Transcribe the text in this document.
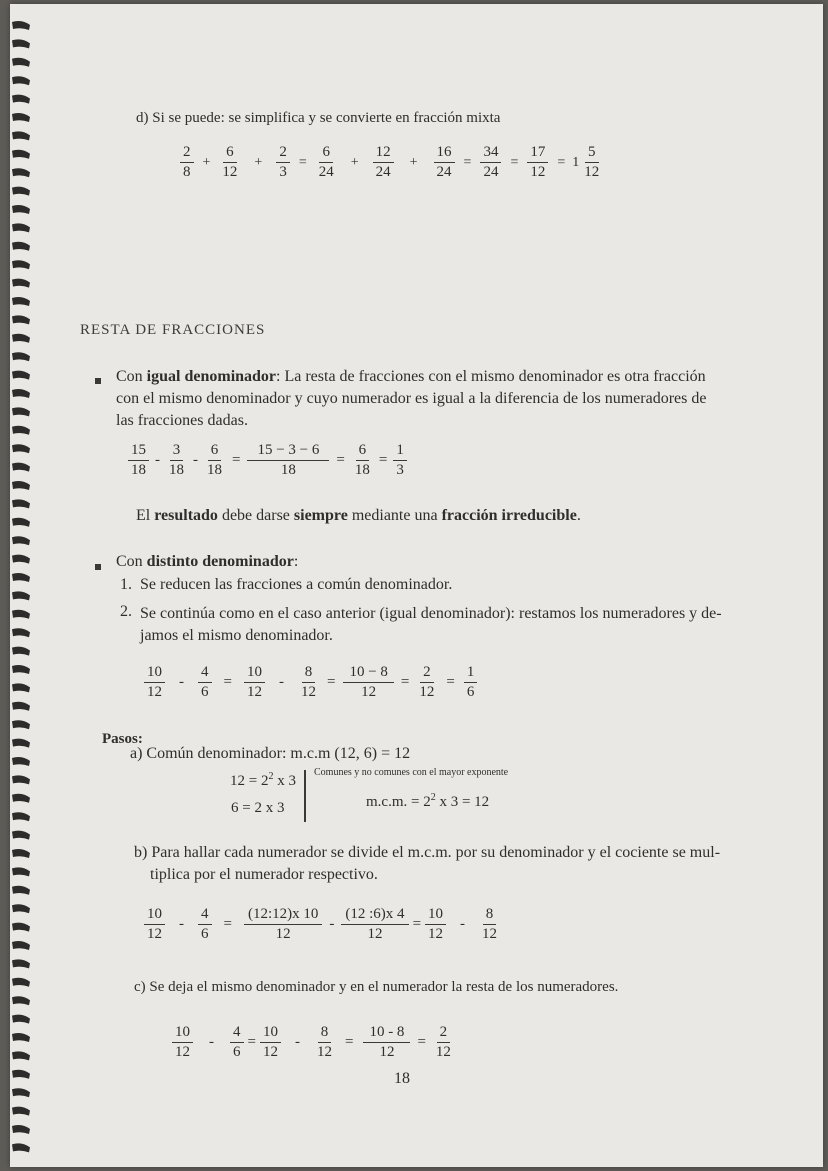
d) Si se puede: se simplifica y se convierte en fracción mixta
$\frac{2}{8} + \frac{6}{12} + \frac{2}{3} = \frac{6}{24} + \frac{12}{24} + \frac{16}{24} = \frac{34}{24} = \frac{17}{12} = 1 \frac{5}{12}$
RESTA DE FRACCIONES
Con igual denominador: La resta de fracciones con el mismo denominador es otra fracción
con el mismo denominador y cuyo numerador es igual a la diferencia de los numeradores de
las fracciones dadas.
$\frac{15}{18} - \frac{3}{18} - \frac{6}{18} = \frac{15 - 3 - 6}{18} = \frac{6}{18} = \frac{1}{3}$
El resultado debe darse siempre mediante una fracción irreducible.
Con distinto denominador:
1. Se reducen las fracciones a común denominador.
2. Se continúa como en el caso anterior (igual denominador): restamos los numeradores y de-
jamos el mismo denominador.
$\frac{10}{12} - \frac{4}{6} = \frac{10}{12} - \frac{8}{12} = \frac{10 - 8}{12} = \frac{2}{12} = \frac{1}{6}$
Pasos:
a) Común denominador: m.c.m (12, 6) = 12
$12 = 2^2$ x 3
6 = 2 x 3
Comunes y no comunes con el mayor exponente
m.c.m. = $2^2$ x 3 = 12
b) Para hallar cada numerador se divide el m.c.m. por su denominador y el cociente se mul-
tiplica por el numerador respectivo.
$\frac{10}{12} - \frac{4}{6} = \frac{(12:12)x 10}{12} - \frac{(12 :6)x 4}{12} = \frac{10}{12} - \frac{8}{12}$
c) Se deja el mismo denominador y en el numerador la resta de los numeradores.
$\frac{10}{12} - \frac{4}{6} = \frac{10}{12} - \frac{8}{12} = \frac{10 - 8}{12} = \frac{2}{12}$
18
